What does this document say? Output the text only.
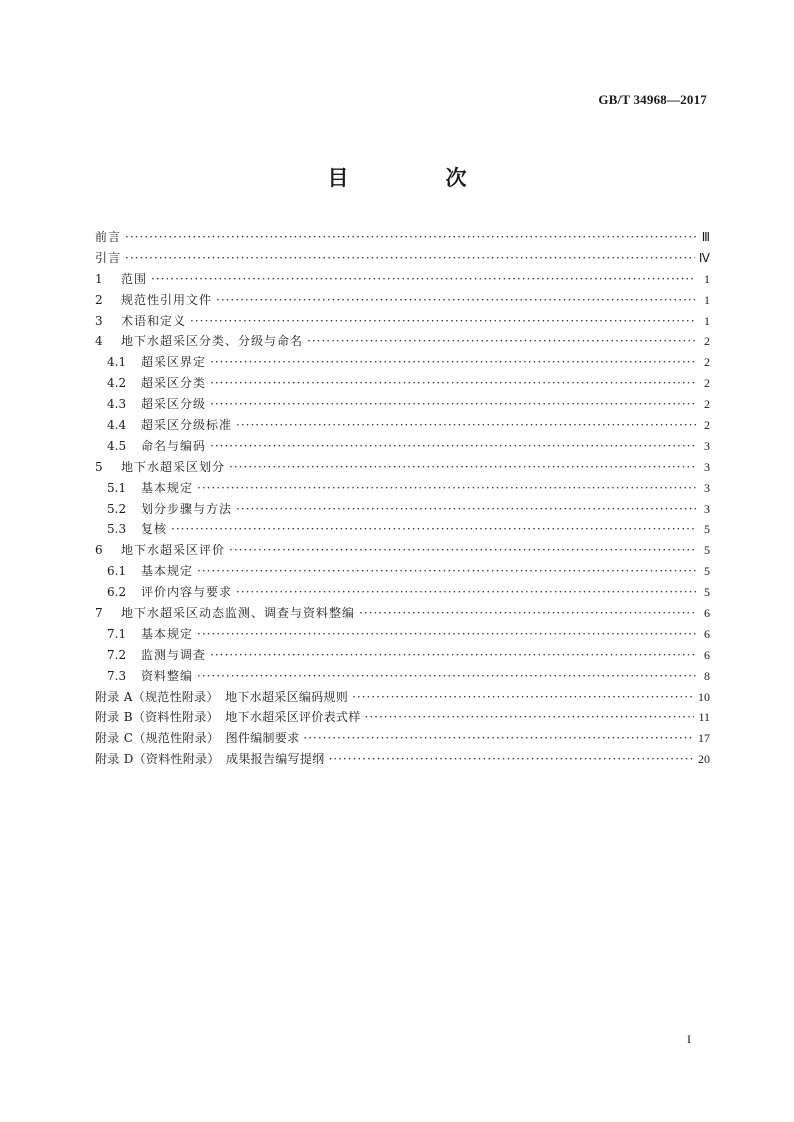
GB/T 34968—2017
目　次
前言 ·····	Ⅲ
引言 ·····	Ⅳ
1	范围 ·····	1
2	规范性引用文件 ·····	1
3	术语和定义 ·····	1
4	地下水超采区分类、分级与命名 ·····	2
4.1	超采区界定 ·····	2
4.2	超采区分类 ·····	2
4.3	超采区分级 ·····	2
4.4	超采区分级标准 ·····	2
4.5	命名与编码 ·····	3
5	地下水超采区划分 ·····	3
5.1	基本规定 ·····	3
5.2	划分步骤与方法 ·····	3
5.3	复核 ·····	5
6	地下水超采区评价 ·····	5
6.1	基本规定 ·····	5
6.2	评价内容与要求 ·····	5
7	地下水超采区动态监测、调查与资料整编 ·····	6
7.1	基本规定 ·····	6
7.2	监测与调查 ·····	6
7.3	资料整编 ·····	8
附录 A（规范性附录）　地下水超采区编码规则 ·····	10
附录 B（资料性附录）　地下水超采区评价表式样 ·····	11
附录 C（规范性附录）　图件编制要求 ·····	17
附录 D（资料性附录）　成果报告编写提纲 ·····	20
I
